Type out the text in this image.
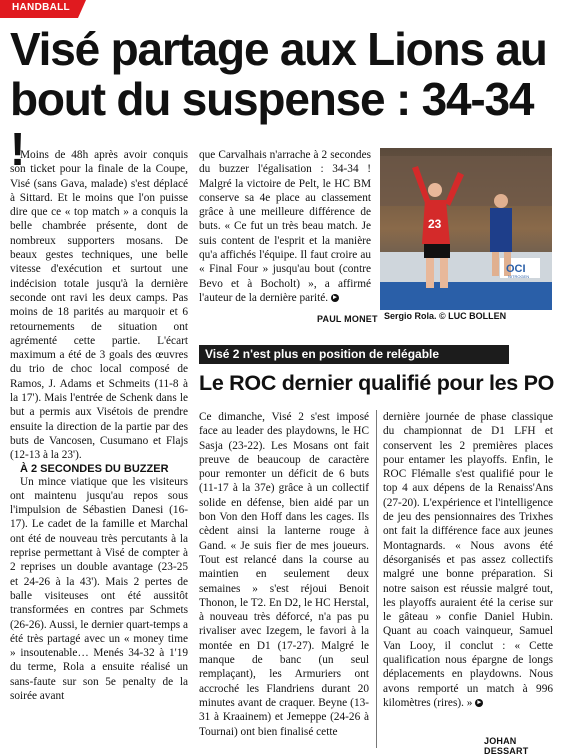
HANDBALL
Visé partage aux Lions au bout du suspense : 34-34 !

Moins de 48h après avoir conquis son ticket pour la finale de la Coupe, Visé (sans Gava, malade) s'est déplacé à Sittard. Et le moins que l'on puisse dire que ce « top match » a conquis la belle chambrée présente, dont de nombreux supporters mosans. De beaux gestes techniques, une belle vitesse d'exécution et surtout une indécision totale jusqu'à la dernière seconde ont ravi les deux camps. Pas moins de 18 parités au marquoir et 6 retournements de situation ont agrémenté cette partie. L'écart maximum a été de 3 goals des œuvres du trio de choc local composé de Ramos, J. Adams et Schmeits (11-8 à la 17'). Mais l'entrée de Schenk dans le but a permis aux Visétois de prendre ensuite la direction de la partie par des buts de Vancosen, Cusumano et Flajs (12-13 à la 23').

À 2 SECONDES DU BUZZER

Un mince viatique que les visiteurs ont maintenu jusqu'au repos sous l'impulsion de Sébastien Danesi (16-17). Le cadet de la famille et Marchal ont été de nouveau très percutants à la reprise permettant à Visé de compter à 2 reprises un double avantage (23-25 et 24-26 à la 43'). Mais 2 pertes de balle visiteuses ont été aussitôt transformées en contres par Schmets (26-26). Aussi, le dernier quart-temps a été très partagé avec un « money time » insoutenable… Menés 34-32 à 1'19 du terme, Rola a ensuite réalisé un sans-faute sur son 5e penalty de la soirée avant

que Carvalhais n'arrache à 2 secondes du buzzer l'égalisation : 34-34 ! Malgré la victoire de Pelt, le HC BM conserve sa 4e place au classement grâce à une meilleure différence de buts. « Ce fut un très beau match. Je suis content de l'esprit et la manière qu'a affichés l'équipe. Il faut croire au « Final Four » jusqu'au bout (contre Bevo et à Bocholt) », a affirmé l'auteur de la dernière parité. ▸

PAUL MONET
23
OCI
NITROGEN
Sergio Rola. © LUC BOLLEN
Visé 2 n'est plus en position de relégable
Le ROC dernier qualifié pour les PO

Ce dimanche, Visé 2 s'est imposé face au leader des playdowns, le HC Sasja (23-22). Les Mosans ont fait preuve de beaucoup de caractère pour remonter un déficit de 6 buts (11-17 à la 37e) grâce à un collectif solide en défense, bien aidé par un bon Von den Hoff dans les cages. Ils cèdent ainsi la lanterne rouge à Gand. « Je suis fier de mes joueurs. Tout est relancé dans la course au maintien en seulement deux semaines » s'est réjoui Benoit Thonon, le T2. En D2, le HC Herstal, à nouveau très déforcé, n'a pas pu rivaliser avec Izegem, le favori à la montée en D1 (17-27). Malgré le manque de banc (un seul remplaçant), les Armuriers ont accroché les Flandriens durant 20 minutes avant de craquer. Beyne (13-31 à Kraainem) et Jemeppe (24-26 à Tournai) ont bien finalisé cette

dernière journée de phase classique du championnat de D1 LFH et conservent les 2 premières places pour entamer les playoffs. Enfin, le ROC Flémalle s'est qualifié pour le top 4 aux dépens de la Renaiss'Ans (27-20). L'expérience et l'intelligence de jeu des pensionnaires des Trixhes ont fait la différence face aux jeunes Montagnards. « Nous avons été désorganisés et pas assez collectifs malgré une bonne préparation. Si notre saison est réussie malgré tout, les playoffs auraient été la cerise sur le gâteau » confie Daniel Hubin. Quant au coach vainqueur, Samuel Van Looy, il conclut : « Cette qualification nous épargne de longs déplacements en playdowns. Nous avons remporté un match à 996 kilomètres (rires). » ▸

JOHAN DESSART
